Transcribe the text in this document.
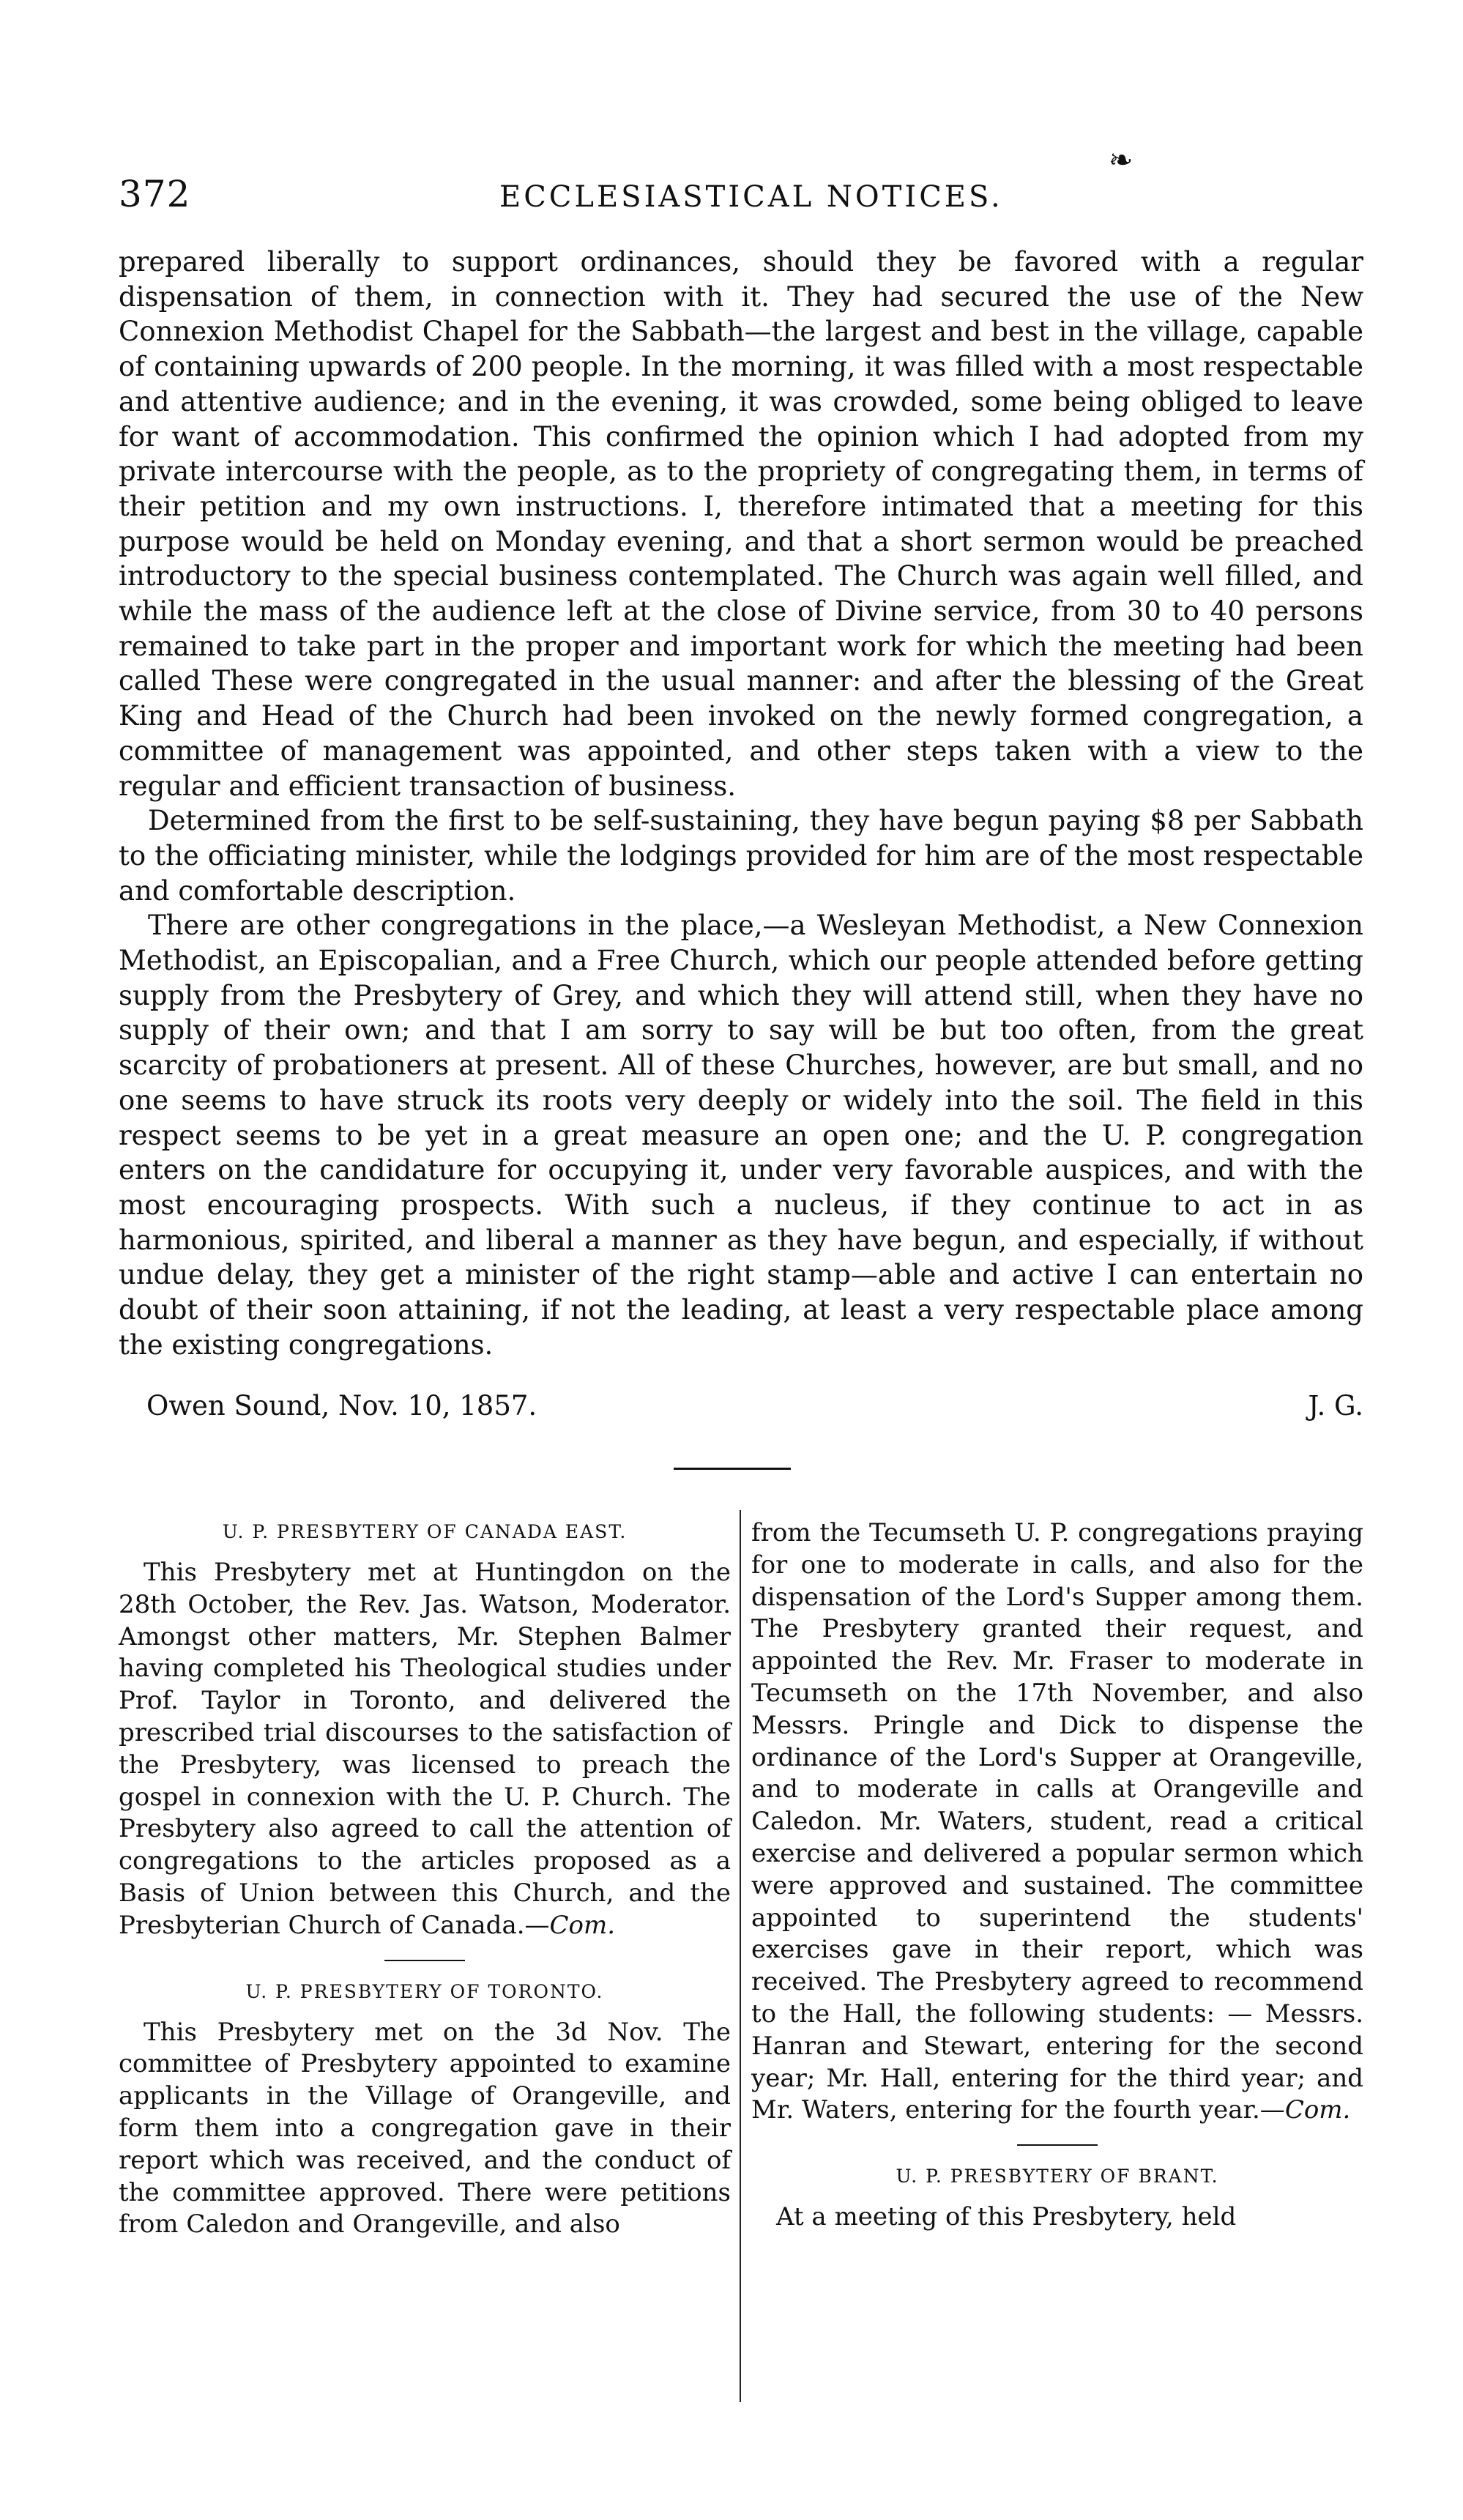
372	ECCLESIASTICAL NOTICES.
❧

prepared liberally to support ordinances, should they be favored with a regular dispensation of them, in connection with it. They had secured the use of the New Connexion Methodist Chapel for the Sabbath—the largest and best in the village, capable of containing upwards of 200 people. In the morning, it was filled with a most respectable and attentive audience; and in the evening, it was crowded, some being obliged to leave for want of accommodation. This confirmed the opinion which I had adopted from my private intercourse with the people, as to the propriety of congregating them, in terms of their petition and my own instructions. I, therefore intimated that a meeting for this purpose would be held on Monday evening, and that a short sermon would be preached introductory to the special business contemplated. The Church was again well filled, and while the mass of the audience left at the close of Divine service, from 30 to 40 persons remained to take part in the proper and important work for which the meeting had been called These were congregated in the usual manner: and after the blessing of the Great King and Head of the Church had been invoked on the newly formed congregation, a committee of management was appointed, and other steps taken with a view to the regular and efficient transaction of business.

Determined from the first to be self-sustaining, they have begun paying $8 per Sabbath to the officiating minister, while the lodgings provided for him are of the most respectable and comfortable description.

There are other congregations in the place,—a Wesleyan Methodist, a New Connexion Methodist, an Episcopalian, and a Free Church, which our people attended before getting supply from the Presbytery of Grey, and which they will attend still, when they have no supply of their own; and that I am sorry to say will be but too often, from the great scarcity of probationers at present. All of these Churches, however, are but small, and no one seems to have struck its roots very deeply or widely into the soil. The field in this respect seems to be yet in a great measure an open one; and the U. P. congregation enters on the candidature for occupying it, under very favorable auspices, and with the most encouraging prospects. With such a nucleus, if they continue to act in as harmonious, spirited, and liberal a manner as they have begun, and especially, if without undue delay, they get a minister of the right stamp—able and active I can entertain no doubt of their soon attaining, if not the leading, at least a very respectable place among the existing congregations.

Owen Sound, Nov. 10, 1857.	J. G.
U. P. PRESBYTERY OF CANADA EAST.

This Presbytery met at Huntingdon on the 28th October, the Rev. Jas. Watson, Moderator. Amongst other matters, Mr. Stephen Balmer having completed his Theological studies under Prof. Taylor in Toronto, and delivered the prescribed trial discourses to the satisfaction of the Presbytery, was licensed to preach the gospel in connexion with the U. P. Church. The Presbytery also agreed to call the attention of congregations to the articles proposed as a Basis of Union between this Church, and the Presbyterian Church of Canada.—Com.

U. P. PRESBYTERY OF TORONTO.

This Presbytery met on the 3d Nov. The committee of Presbytery appointed to examine applicants in the Village of Orangeville, and form them into a congregation gave in their report which was received, and the conduct of the committee approved. There were petitions from Caledon and Orangeville, and also

from the Tecumseth U. P. congregations praying for one to moderate in calls, and also for the dispensation of the Lord's Supper among them. The Presbytery granted their request, and appointed the Rev. Mr. Fraser to moderate in Tecumseth on the 17th November, and also Messrs. Pringle and Dick to dispense the ordinance of the Lord's Supper at Orangeville, and to moderate in calls at Orangeville and Caledon. Mr. Waters, student, read a critical exercise and delivered a popular sermon which were approved and sustained. The committee appointed to superintend the students' exercises gave in their report, which was received. The Presbytery agreed to recommend to the Hall, the following students: — Messrs. Hanran and Stewart, entering for the second year; Mr. Hall, entering for the third year; and Mr. Waters, entering for the fourth year.—Com.

U. P. PRESBYTERY OF BRANT.

At a meeting of this Presbytery, held
